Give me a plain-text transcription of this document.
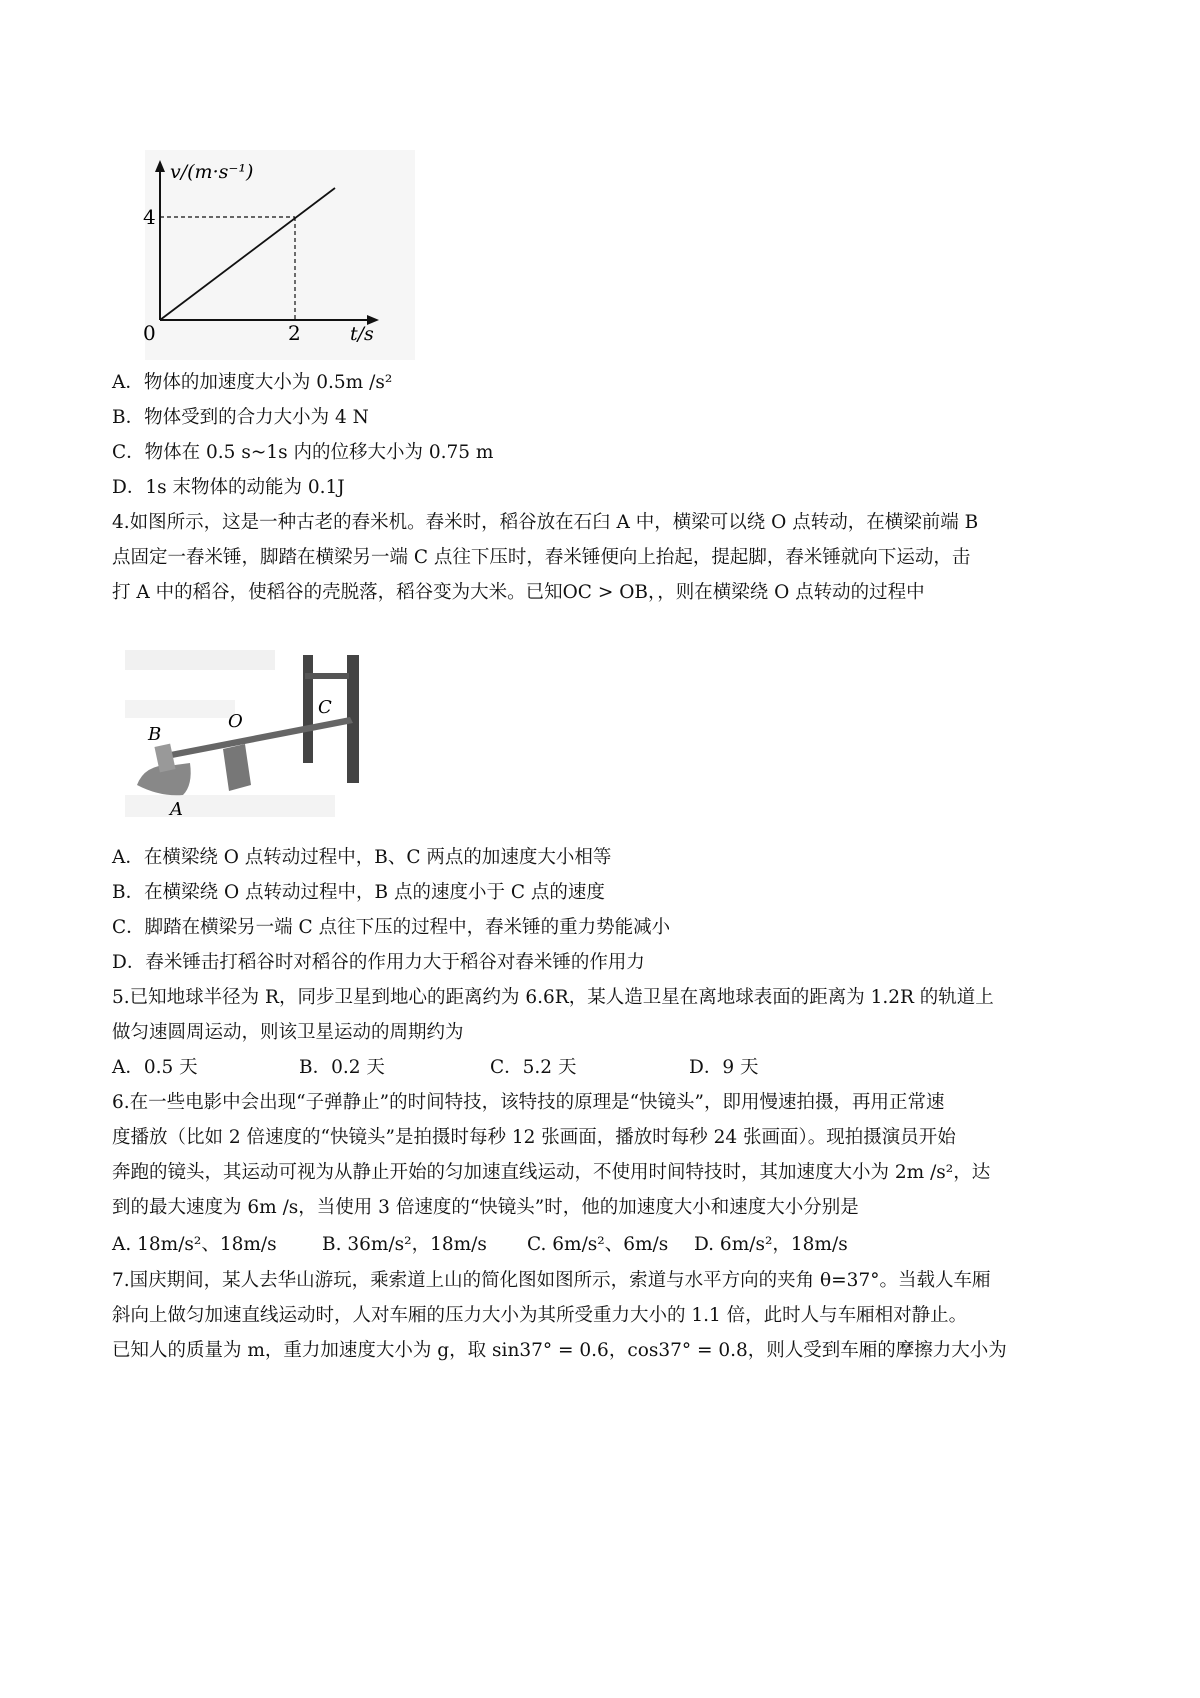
v/(m·s⁻¹)
4
0	2	t/s
A．物体的加速度大小为 0.5m /s²
B．物体受到的合力大小为 4 N
C．物体在 0.5 s~1s 内的位移大小为 0.75 m
D．1s 末物体的动能为 0.1J
4.如图所示，这是一种古老的舂米机。舂米时，稻谷放在石臼 A 中，横梁可以绕 O 点转动，在横梁前端 B
点固定一舂米锤，脚踏在横梁另一端 C 点往下压时，舂米锤便向上抬起，提起脚，舂米锤就向下运动，击
打 A 中的稻谷，使稻谷的壳脱落，稻谷变为大米。已知OC > OB，，则在横梁绕 O 点转动的过程中
B
O
C
A
A．在横梁绕 O 点转动过程中，B、C 两点的加速度大小相等
B．在横梁绕 O 点转动过程中，B 点的速度小于 C 点的速度
C．脚踏在横梁另一端 C 点往下压的过程中，舂米锤的重力势能减小
D．舂米锤击打稻谷时对稻谷的作用力大于稻谷对舂米锤的作用力
5.已知地球半径为 R，同步卫星到地心的距离约为 6.6R，某人造卫星在离地球表面的距离为 1.2R 的轨道上
做匀速圆周运动，则该卫星运动的周期约为
A．0.5 天	B．0.2 天	C．5.2 天	D．9 天
6.在一些电影中会出现“子弹静止”的时间特技，该特技的原理是“快镜头”，即用慢速拍摄，再用正常速
度播放（比如 2 倍速度的“快镜头”是拍摄时每秒 12 张画面，播放时每秒 24 张画面）。现拍摄演员开始
奔跑的镜头，其运动可视为从静止开始的匀加速直线运动，不使用时间特技时，其加速度大小为 2m /s²，达
到的最大速度为 6m /s，当使用 3 倍速度的“快镜头”时，他的加速度大小和速度大小分别是
A. 18m/s²、18m/s B. 36m/s²，18m/s C. 6m/s²、6m/s D. 6m/s²，18m/s
7.国庆期间，某人去华山游玩，乘索道上山的简化图如图所示，索道与水平方向的夹角 θ=37°。当载人车厢
斜向上做匀加速直线运动时，人对车厢的压力大小为其所受重力大小的 1.1 倍，此时人与车厢相对静止。
已知人的质量为 m，重力加速度大小为 g，取 sin37° = 0.6，cos37° = 0.8，则人受到车厢的摩擦力大小为
